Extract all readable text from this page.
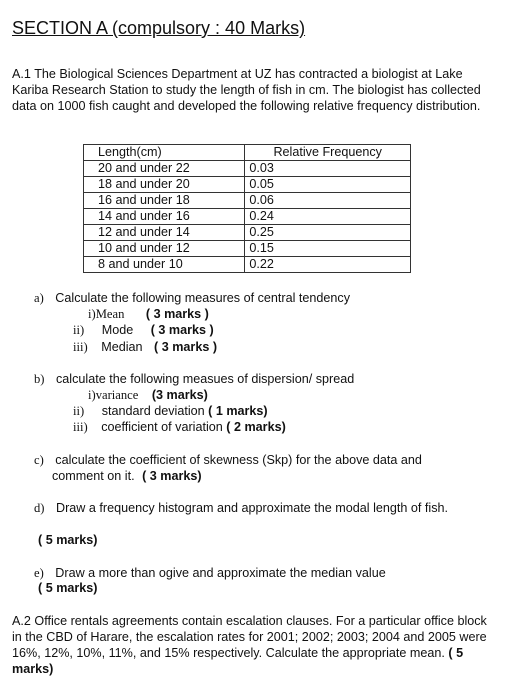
SECTION A (compulsory : 40 Marks)
A.1 The Biological Sciences Department at UZ has contracted a biologist at Lake Kariba Research Station to study the length of fish in cm. The biologist has collected data on 1000 fish caught and developed the following relative frequency distribution.
Length(cm)	Relative Frequency
20 and under 22	0.03
18 and under 20	0.05
16 and under 18	0.06
14 and under 16	0.24
12 and under 14	0.25
10 and under 12	0.15
8 and under 10	0.22
a) Calculate the following measures of central tendency
i)Mean ( 3 marks )
ii) Mode ( 3 marks )
iii) Median ( 3 marks )
b) calculate the following measues of dispersion/ spread
i)variance (3 marks)
ii) standard deviation ( 1 marks)
iii) coefficient of variation ( 2 marks)
c) calculate the coefficient of skewness (Skp) for the above data and
comment on it. ( 3 marks)
d) Draw a frequency histogram and approximate the modal length of fish.
( 5 marks)
e) Draw a more than ogive and approximate the median value
( 5 marks)
A.2 Office rentals agreements contain escalation clauses. For a particular office block in the CBD of Harare, the escalation rates for 2001; 2002; 2003; 2004 and 2005 were 16%, 12%, 10%, 11%, and 15% respectively. Calculate the appropriate mean. ( 5 marks)
